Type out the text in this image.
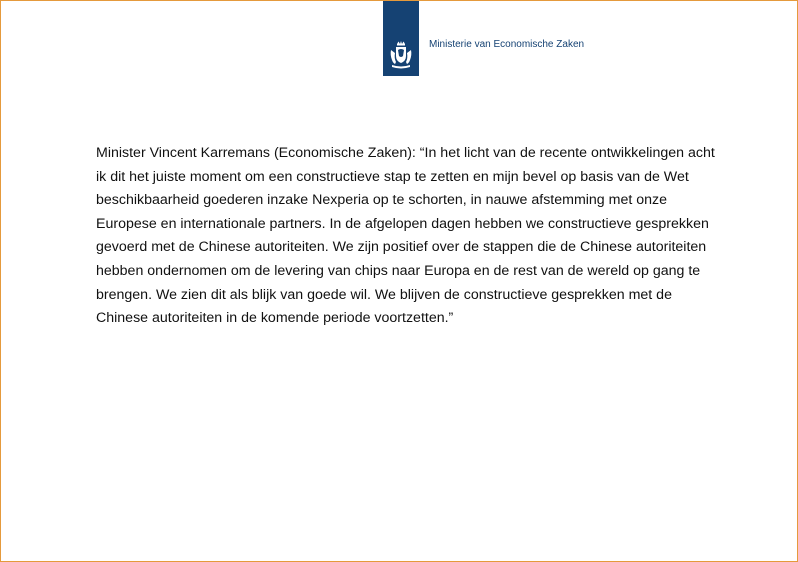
Ministerie van Economische Zaken

Minister Vincent Karremans (Economische Zaken): “In het licht van de recente ontwikkelingen acht ik dit het juiste moment om een constructieve stap te zetten en mijn bevel op basis van de Wet beschikbaarheid goederen inzake Nexperia op te schorten, in nauwe afstemming met onze Europese en internationale partners. In de afgelopen dagen hebben we constructieve gesprekken gevoerd met de Chinese autoriteiten. We zijn positief over de stappen die de Chinese autoriteiten hebben ondernomen om de levering van chips naar Europa en de rest van de wereld op gang te brengen. We zien dit als blijk van goede wil. We blijven de constructieve gesprekken met de Chinese autoriteiten in de komende periode voortzetten.”
